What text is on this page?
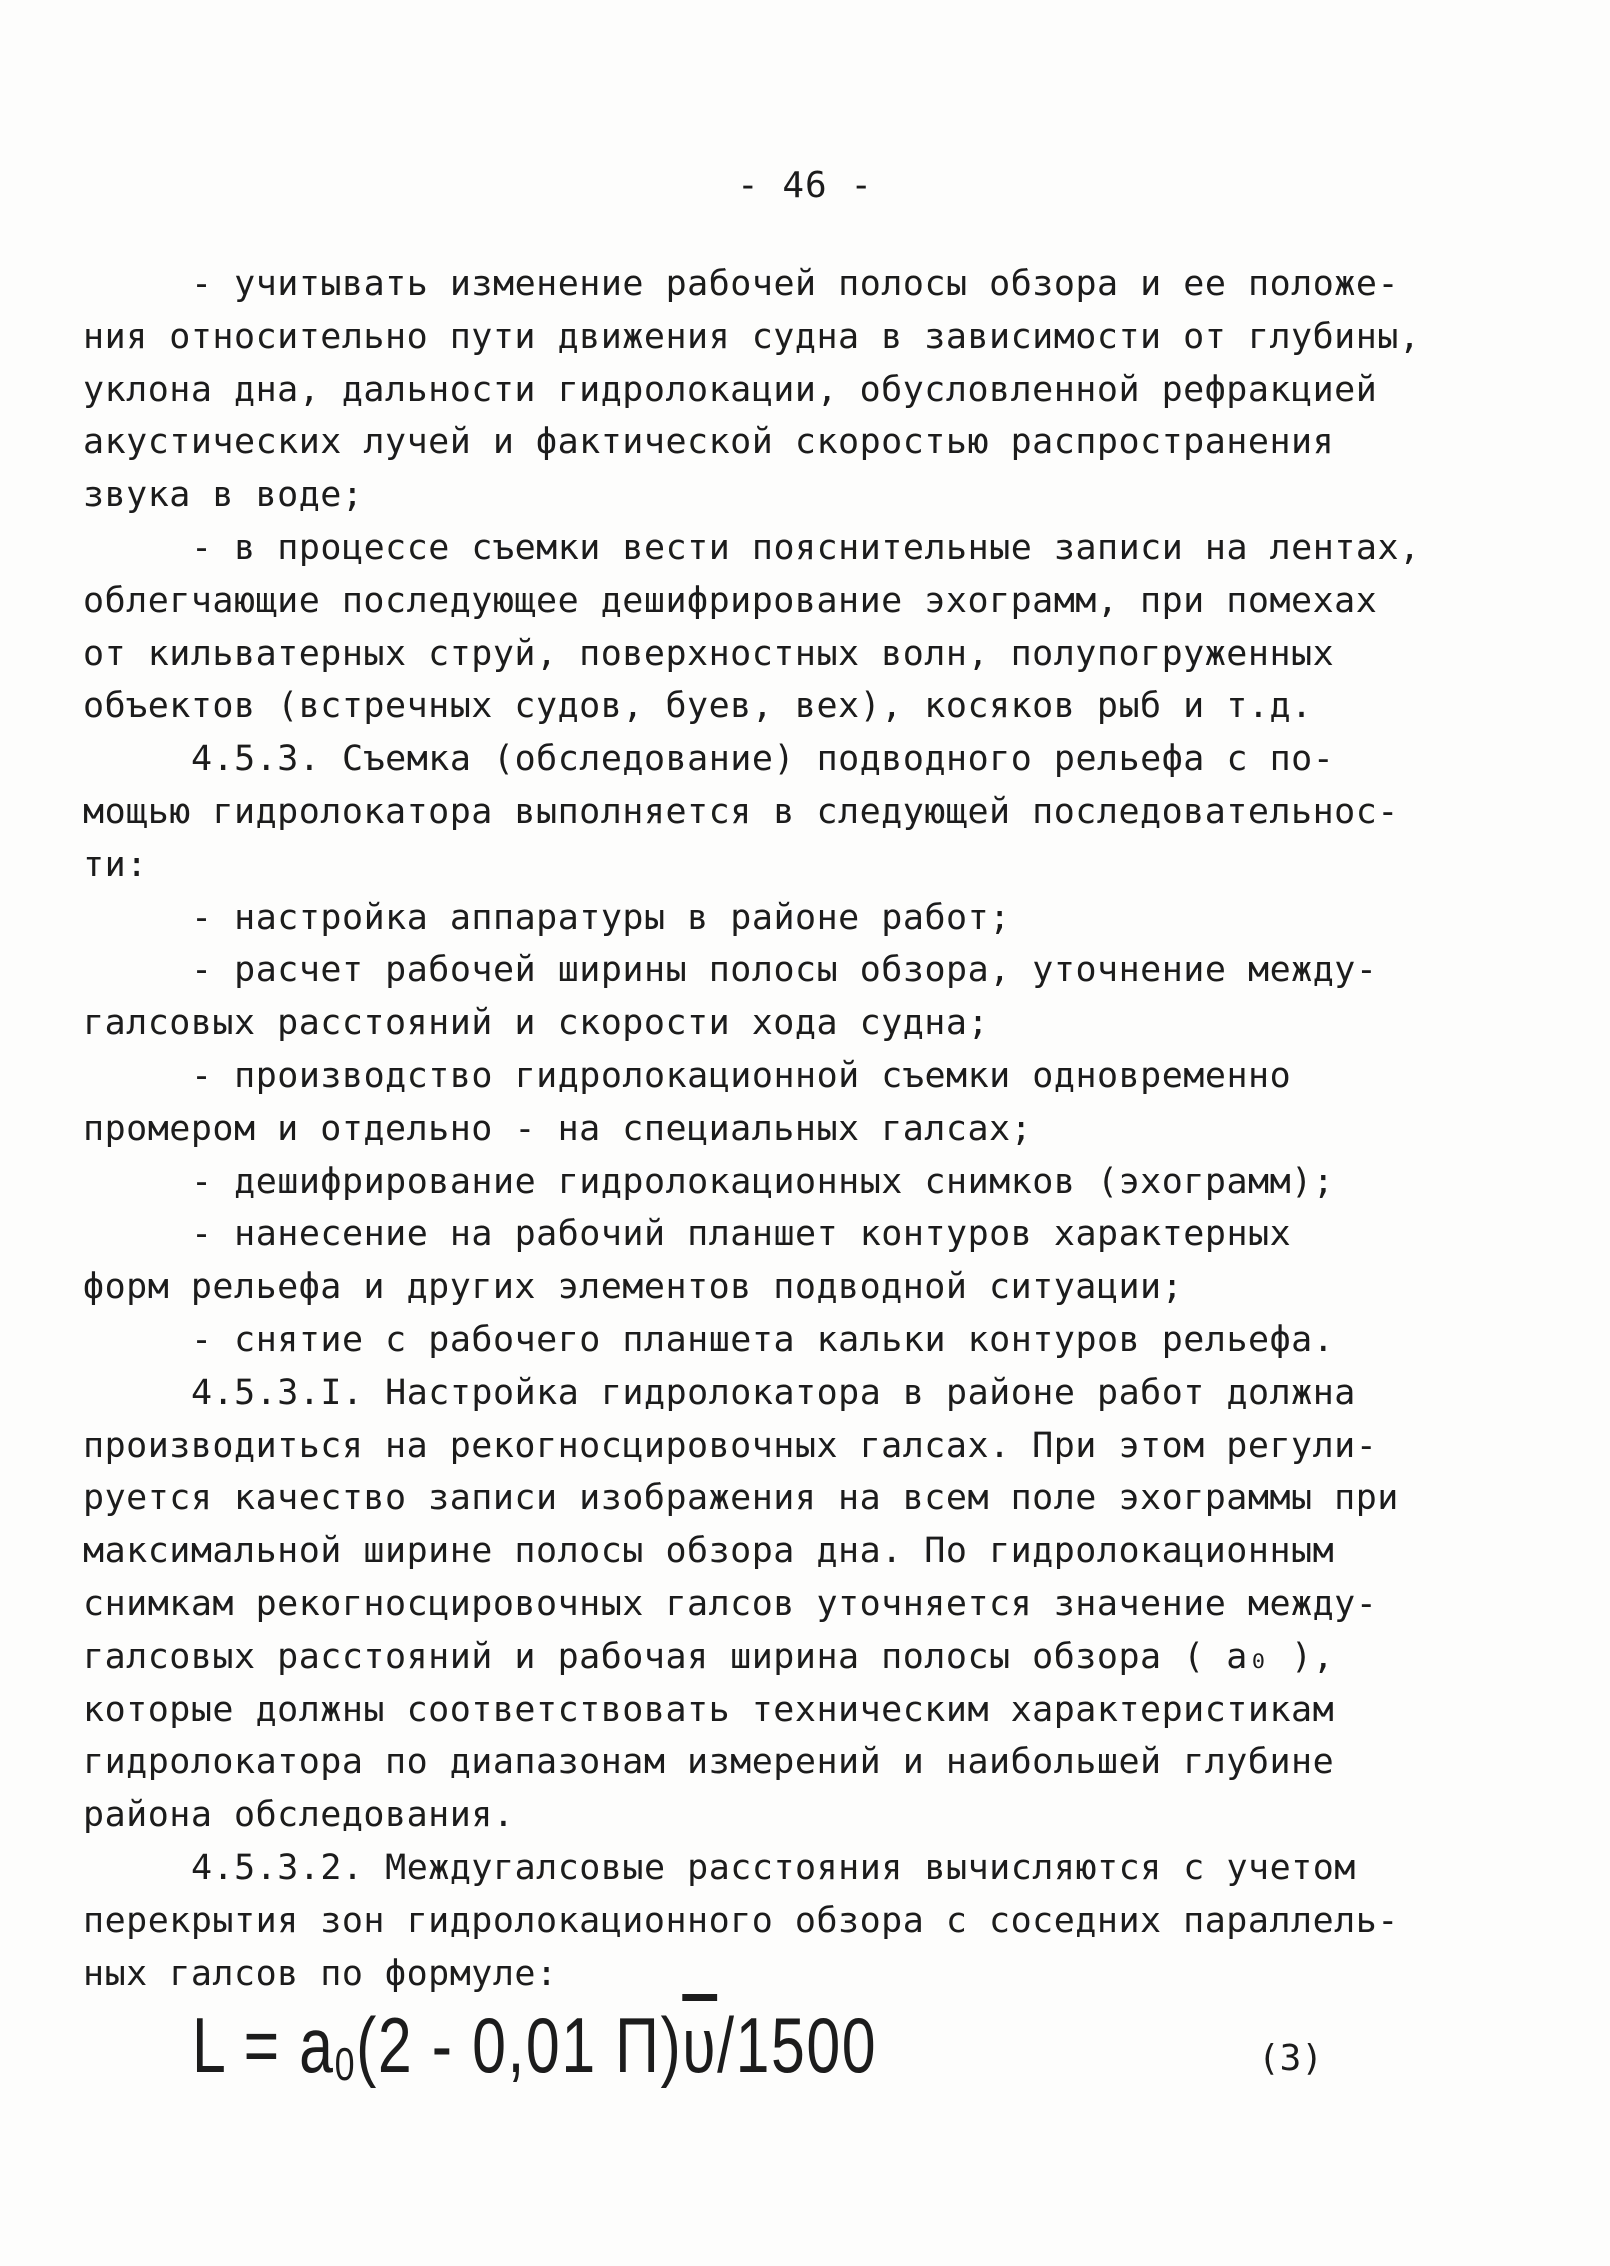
- 46 -
- учитывать изменение рабочей полосы обзора и ее положе-
ния относительно пути движения судна в зависимости от глубины,
уклона дна, дальности гидролокации, обусловленной рефракцией
акустических лучей и фактической скоростью распространения
звука в воде;
- в процессе съемки вести пояснительные записи на лентах,
облегчающие последующее дешифрирование эхограмм, при помехах
от кильватерных струй, поверхностных волн, полупогруженных
объектов (встречных судов, буев, вех), косяков рыб и т.д.
4.5.3. Съемка (обследование) подводного рельефа с по-
мощью гидролокатора выполняется в следующей последовательнос-
ти:
- настройка аппаратуры в районе работ;
- расчет рабочей ширины полосы обзора, уточнение междy-
галсовых расстояний и скорости хода судна;
- производство гидролокационной съемки одновременно
промером и отдельно - на специальных галсах;
- дешифрирование гидролокационных снимков (эхограмм);
- нанесение на рабочий планшет контуров характерных
форм рельефа и других элементов подводной ситуации;
- снятие с рабочего планшета кальки контуров рельефа.
4.5.3.I. Настройка гидролокатора в районе работ должна
производиться на рекогносцировочных галсах. При этом регули-
руется качество записи изображения на всем поле эхограммы при
максимальной ширине полосы обзора дна. По гидролокационным
снимкам рекогносцировочных галсов уточняется значение между-
галсовых расстояний и рабочая ширина полосы обзора ( a₀ ),
которые должны соответствовать техническим характеристикам
гидролокатора по диапазонам измерений и наибольшей глубине
района обследования.
4.5.3.2. Междугалсовые расстояния вычисляются с учетом
перекрытия зон гидролокационного обзора с соседних параллель-
ных галсов по формуле:
$L = a_0(2 - 0,01$ $П)\overline{\upsilon}/1500$	(3)
